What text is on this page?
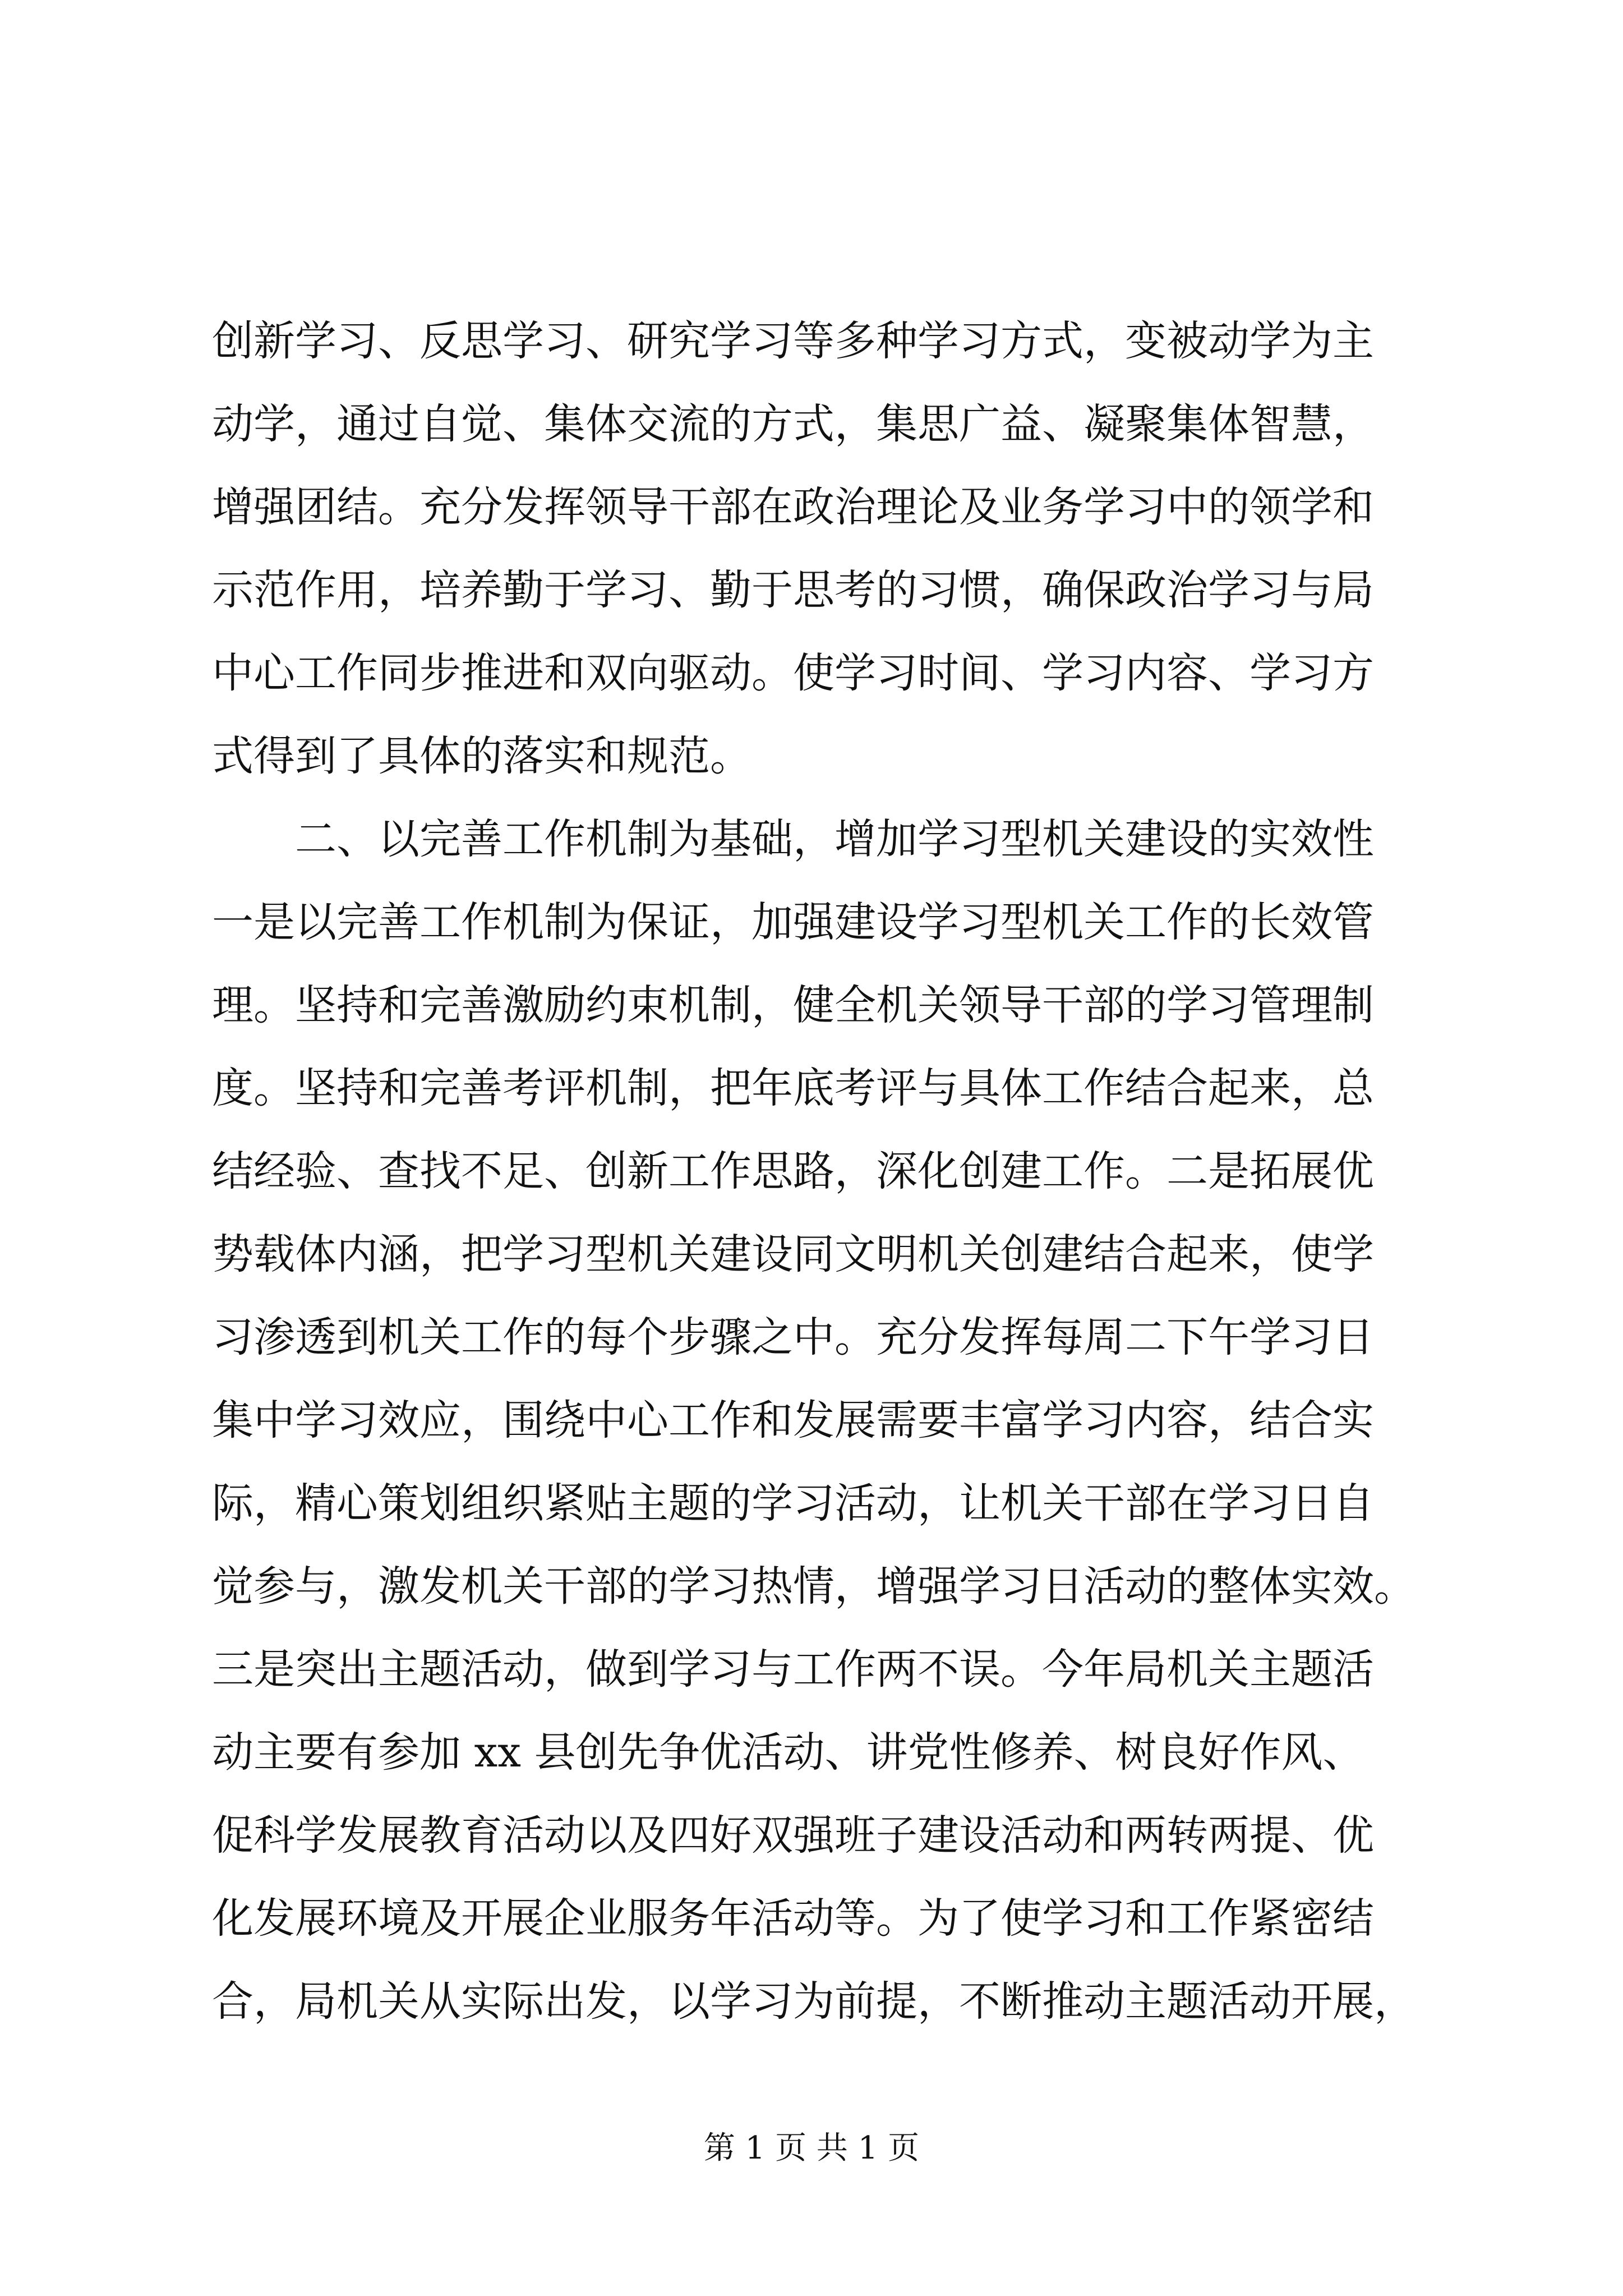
创新学习、反思学习、研究学习等多种学习方式，变被动学为主
动学，通过自觉、集体交流的方式，集思广益、凝聚集体智慧，
增强团结。充分发挥领导干部在政治理论及业务学习中的领学和
示范作用，培养勤于学习、勤于思考的习惯，确保政治学习与局
中心工作同步推进和双向驱动。使学习时间、学习内容、学习方
式得到了具体的落实和规范。
　　二、以完善工作机制为基础，增加学习型机关建设的实效性
一是以完善工作机制为保证，加强建设学习型机关工作的长效管
理。坚持和完善激励约束机制，健全机关领导干部的学习管理制
度。坚持和完善考评机制，把年底考评与具体工作结合起来，总
结经验、查找不足、创新工作思路，深化创建工作。二是拓展优
势载体内涵，把学习型机关建设同文明机关创建结合起来，使学
习渗透到机关工作的每个步骤之中。充分发挥每周二下午学习日
集中学习效应，围绕中心工作和发展需要丰富学习内容，结合实
际，精心策划组织紧贴主题的学习活动，让机关干部在学习日自
觉参与，激发机关干部的学习热情，增强学习日活动的整体实效。
三是突出主题活动，做到学习与工作两不误。今年局机关主题活
动主要有参加 xx 县创先争优活动、讲党性修养、树良好作风、
促科学发展教育活动以及四好双强班子建设活动和两转两提、优
化发展环境及开展企业服务年活动等。为了使学习和工作紧密结
合，局机关从实际出发，以学习为前提，不断推动主题活动开展，
第 1 页 共 1 页
